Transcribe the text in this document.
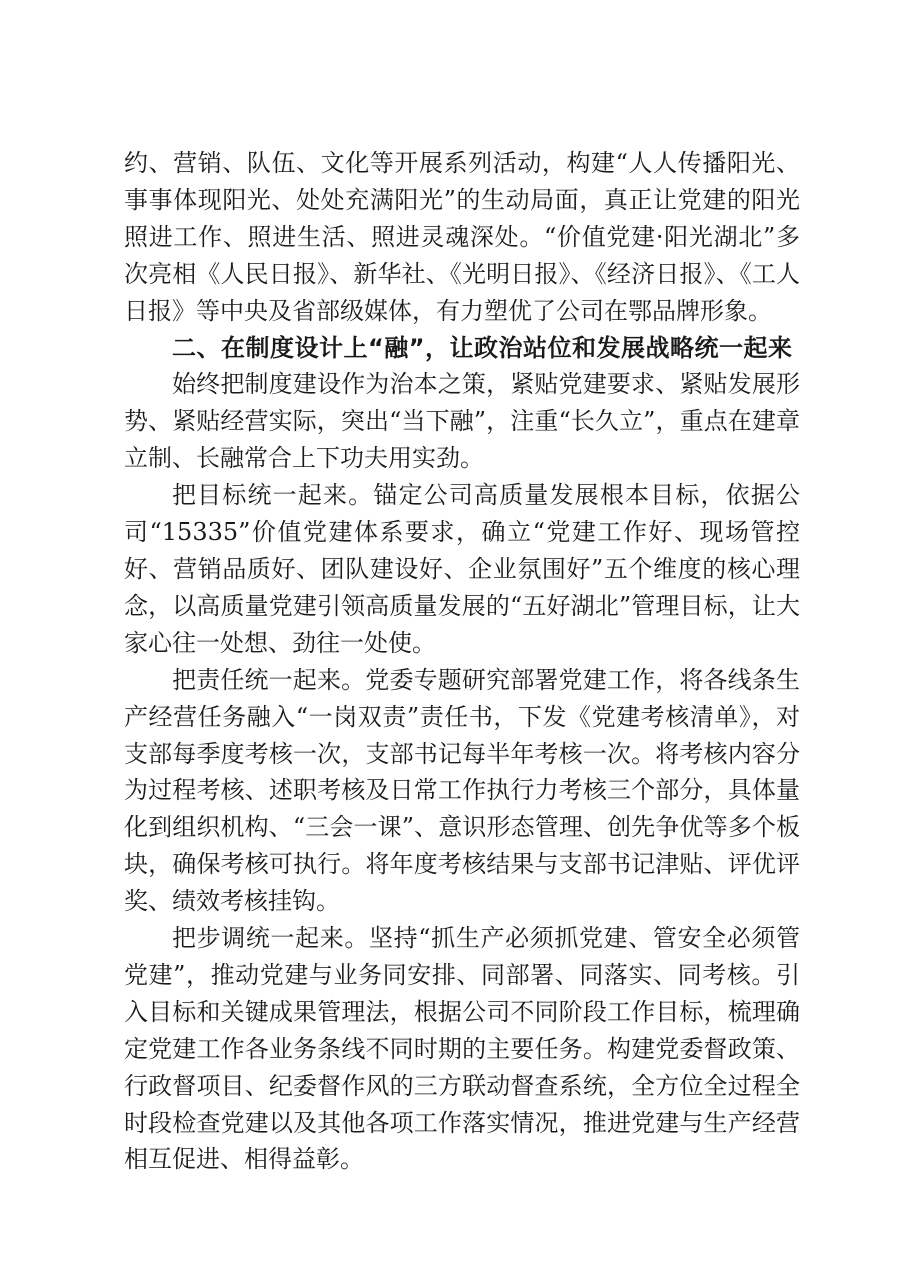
约、营销、队伍、文化等开展系列活动，构建“人人传播阳光、事事体现阳光、处处充满阳光”的生动局面，真正让党建的阳光照进工作、照进生活、照进灵魂深处。“价值党建·阳光湖北”多次亮相《人民日报》、新华社、《光明日报》、《经济日报》、《工人日报》等中央及省部级媒体，有力塑优了公司在鄂品牌形象。

二、在制度设计上“融”，让政治站位和发展战略统一起来

始终把制度建设作为治本之策，紧贴党建要求、紧贴发展形势、紧贴经营实际，突出“当下融”，注重“长久立”，重点在建章立制、长融常合上下功夫用实劲。

把目标统一起来。锚定公司高质量发展根本目标，依据公司“15335”价值党建体系要求，确立“党建工作好、现场管控好、营销品质好、团队建设好、企业氛围好”五个维度的核心理念，以高质量党建引领高质量发展的“五好湖北”管理目标，让大家心往一处想、劲往一处使。

把责任统一起来。党委专题研究部署党建工作，将各线条生产经营任务融入“一岗双责”责任书，下发《党建考核清单》，对支部每季度考核一次，支部书记每半年考核一次。将考核内容分为过程考核、述职考核及日常工作执行力考核三个部分，具体量化到组织机构、“三会一课”、意识形态管理、创先争优等多个板块，确保考核可执行。将年度考核结果与支部书记津贴、评优评奖、绩效考核挂钩。

把步调统一起来。坚持“抓生产必须抓党建、管安全必须管党建”，推动党建与业务同安排、同部署、同落实、同考核。引入目标和关键成果管理法，根据公司不同阶段工作目标，梳理确定党建工作各业务条线不同时期的主要任务。构建党委督政策、行政督项目、纪委督作风的三方联动督查系统，全方位全过程全时段检查党建以及其他各项工作落实情况，推进党建与生产经营相互促进、相得益彰。
